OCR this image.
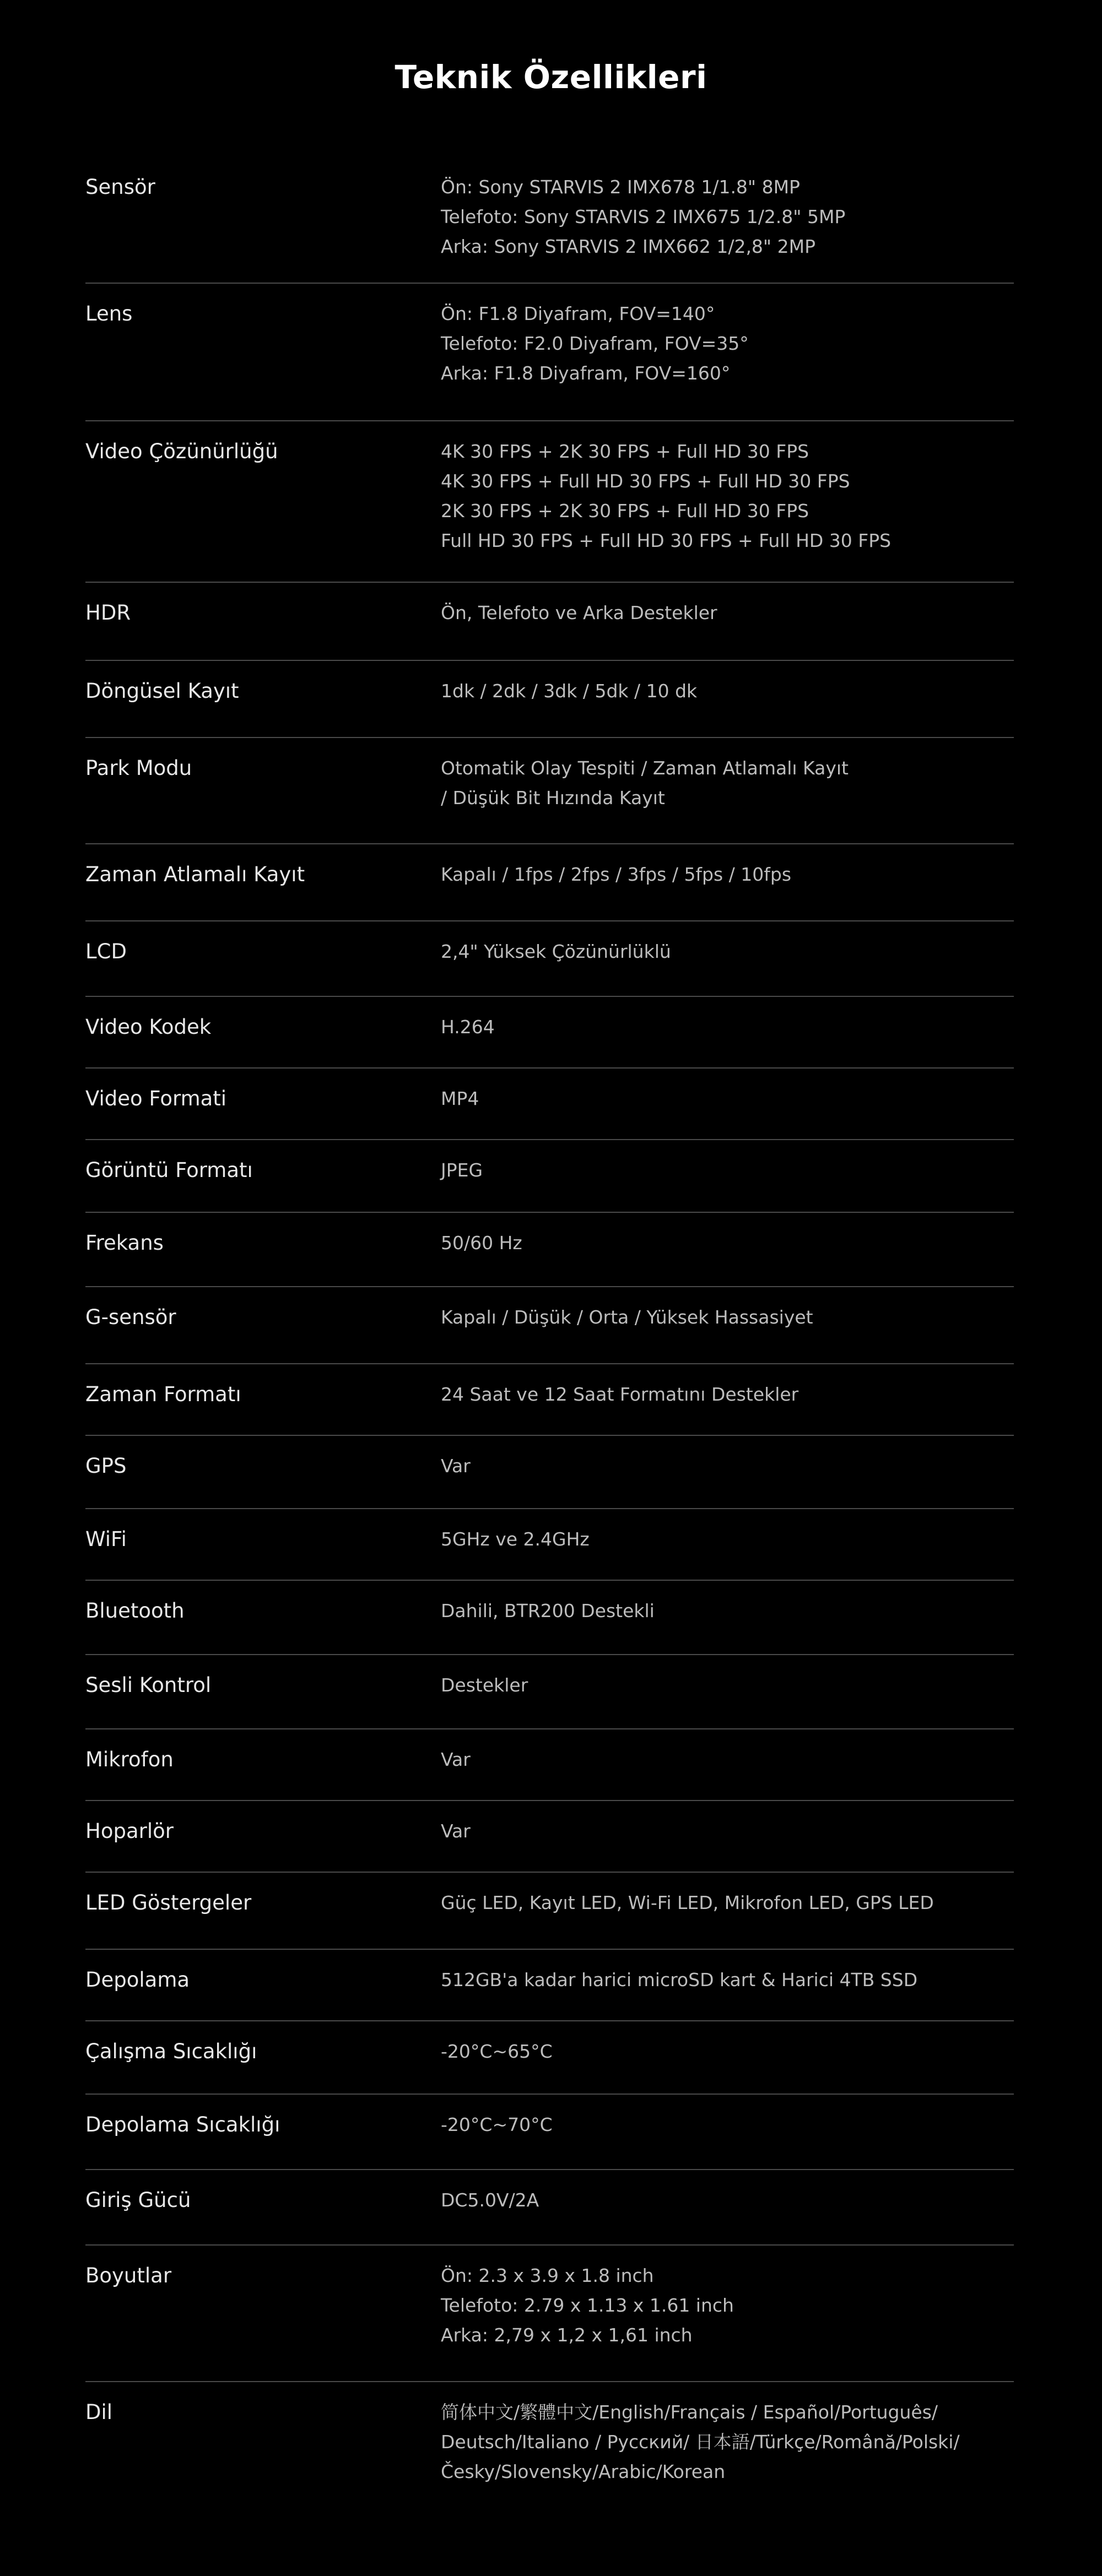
Teknik Özellikleri
Sensör	Ön: Sony STARVIS 2 IMX678 1/1.8" 8MP
Telefoto: Sony STARVIS 2 IMX675 1/2.8" 5MP
Arka: Sony STARVIS 2 IMX662 1/2,8" 2MP
Lens	Ön: F1.8 Diyafram, FOV=140°
Telefoto: F2.0 Diyafram, FOV=35°
Arka: F1.8 Diyafram, FOV=160°
Video Çözünürlüğü	4K 30 FPS + 2K 30 FPS + Full HD 30 FPS
4K 30 FPS + Full HD 30 FPS + Full HD 30 FPS
2K 30 FPS + 2K 30 FPS + Full HD 30 FPS
Full HD 30 FPS + Full HD 30 FPS + Full HD 30 FPS
HDR	Ön, Telefoto ve Arka Destekler
Döngüsel Kayıt	1dk / 2dk / 3dk / 5dk / 10 dk
Park Modu	Otomatik Olay Tespiti / Zaman Atlamalı Kayıt
/ Düşük Bit Hızında Kayıt
Zaman Atlamalı Kayıt	Kapalı / 1fps / 2fps / 3fps / 5fps / 10fps
LCD	2,4" Yüksek Çözünürlüklü
Video Kodek	H.264
Video Formati	MP4
Görüntü Formatı	JPEG
Frekans	50/60 Hz
G-sensör	Kapalı / Düşük / Orta / Yüksek Hassasiyet
Zaman Formatı	24 Saat ve 12 Saat Formatını Destekler
GPS	Var
WiFi	5GHz ve 2.4GHz
Bluetooth	Dahili, BTR200 Destekli
Sesli Kontrol	Destekler
Mikrofon	Var
Hoparlör	Var
LED Göstergeler	Güç LED, Kayıt LED, Wi-Fi LED, Mikrofon LED, GPS LED
Depolama	512GB'a kadar harici microSD kart & Harici 4TB SSD
Çalışma Sıcaklığı	-20°C~65°C
Depolama Sıcaklığı	-20°C~70°C
Giriş Gücü	DC5.0V/2A
Boyutlar	Ön: 2.3 x 3.9 x 1.8 inch
Telefoto: 2.79 x 1.13 x 1.61 inch
Arka: 2,79 x 1,2 x 1,61 inch
Dil	简体中文/繁體中文/English/Français / Español/Português/
Deutsch/Italiano / Русский/ 日本語/Türkçe/Română/Polski/
Česky/Slovensky/Arabic/Korean
